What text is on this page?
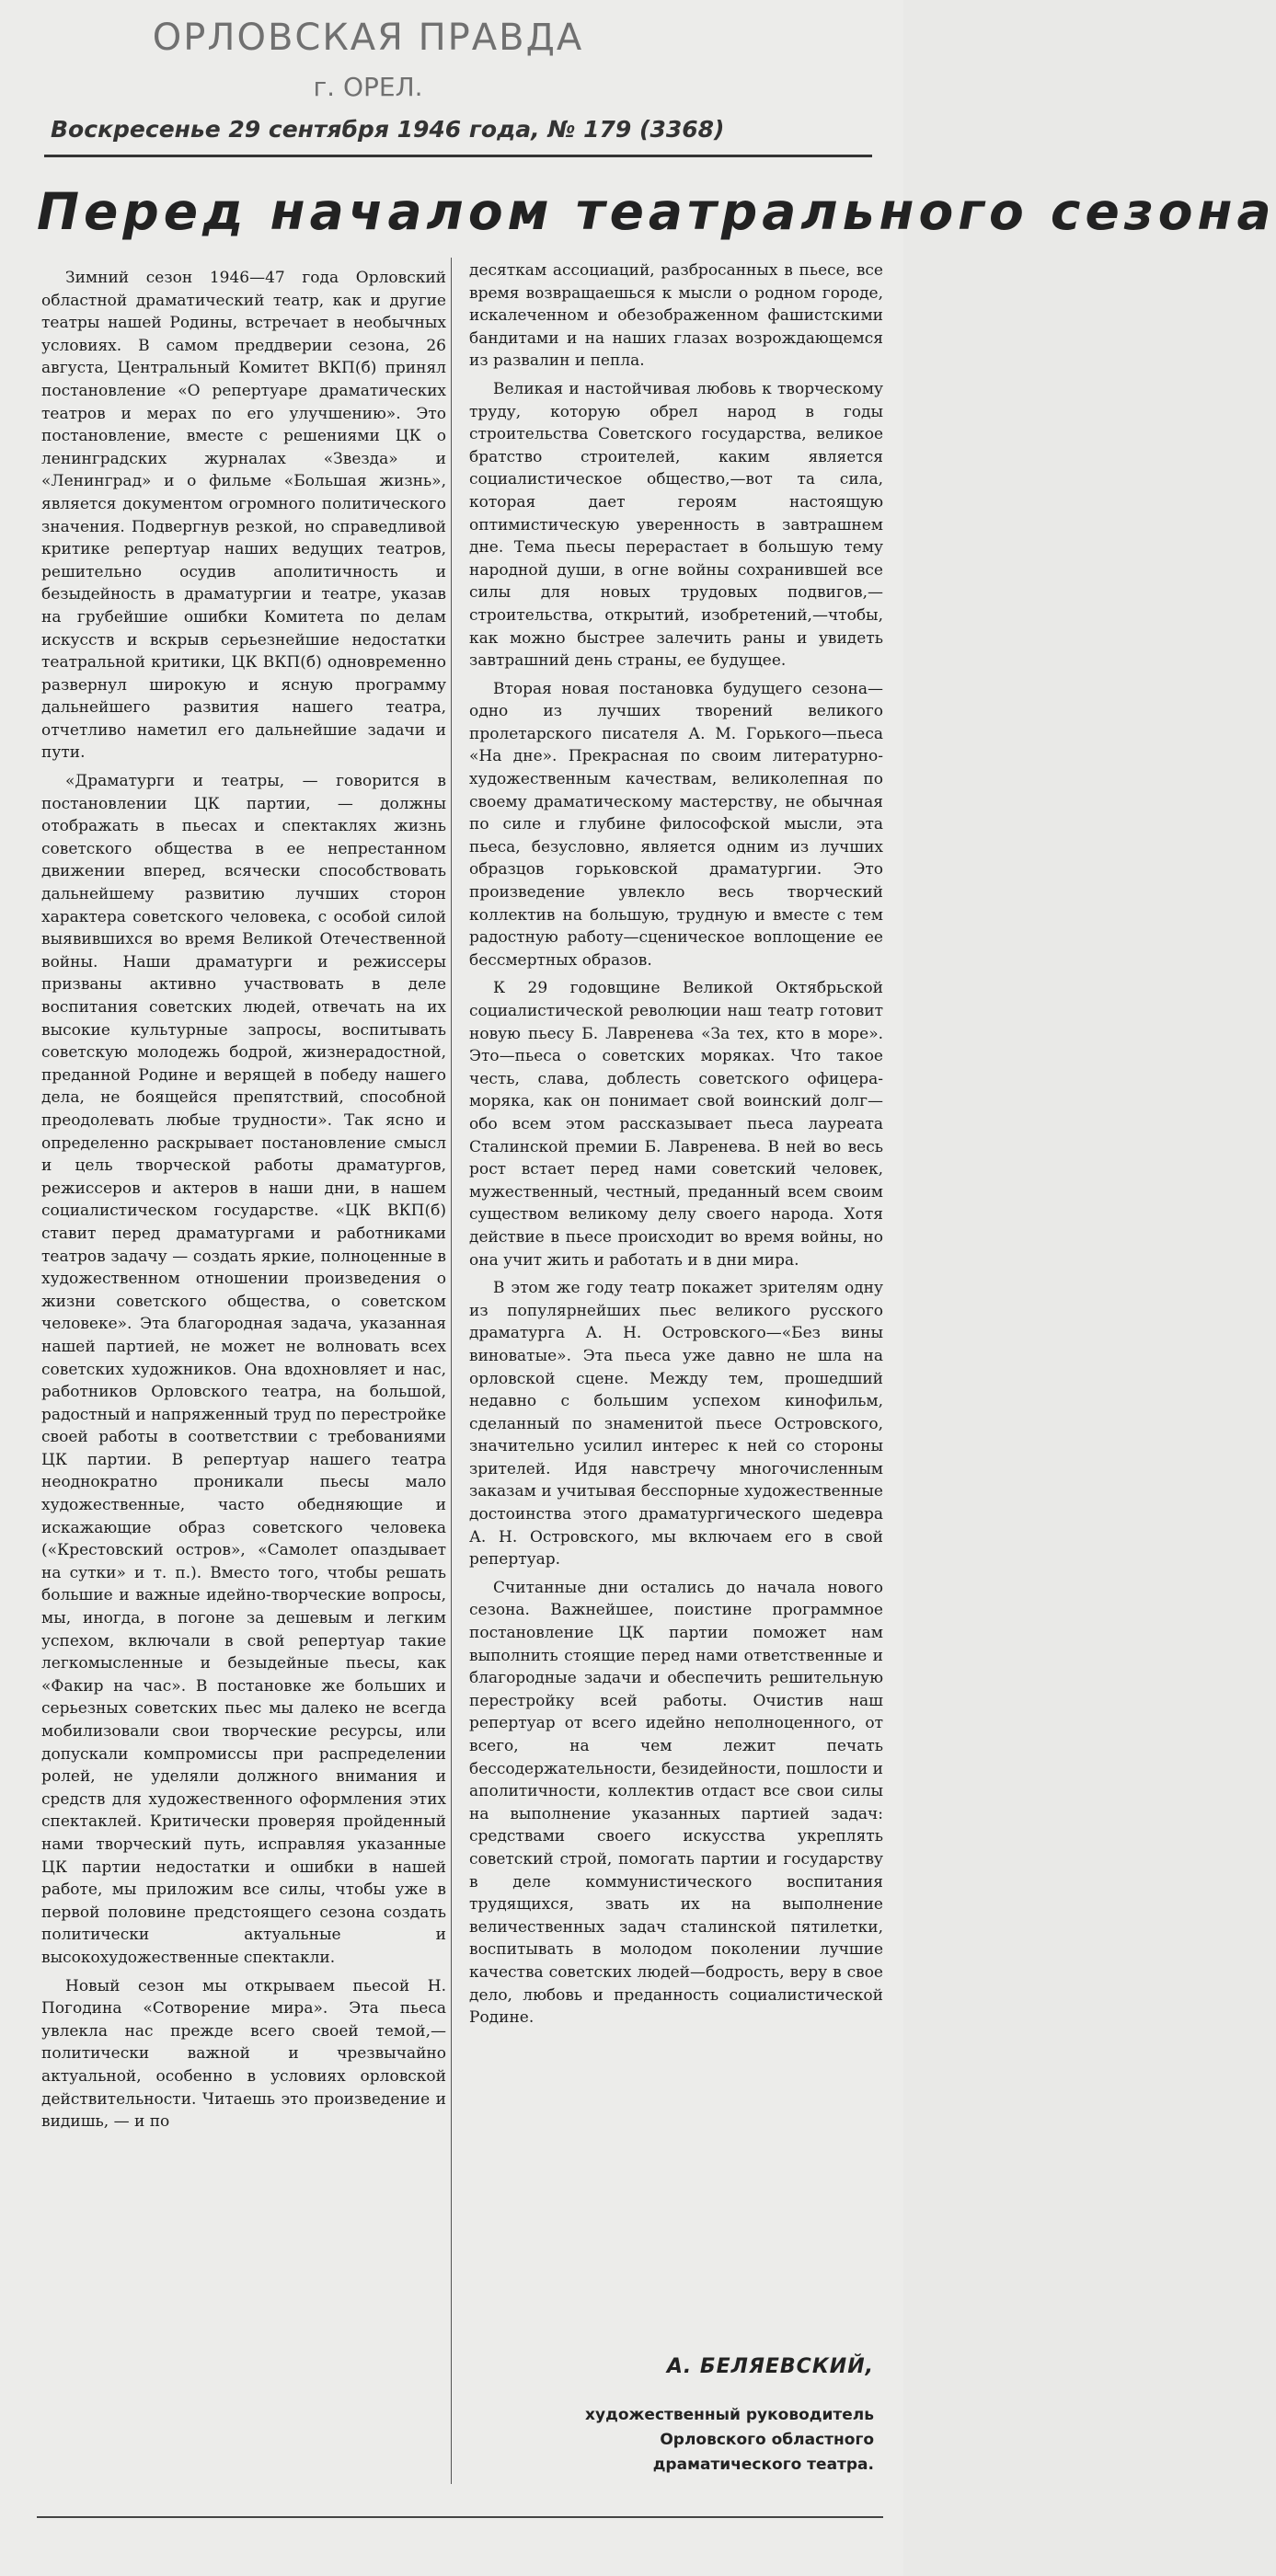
ОРЛОВСКАЯ ПРАВДА
г. ОРЕЛ.
Воскресенье 29 сентября 1946 года, № 179 (3368)
Перед началом театрального сезона

Зимний сезон 1946—47 года Орловский областной драматический театр, как и другие театры нашей Родины, встречает в необычных условиях. В самом преддверии сезона, 26 августа, Центральный Комитет ВКП(б) принял постановление «О репертуаре драматических театров и мерах по его улучшению». Это постановление, вместе с решениями ЦК о ленинградских журналах «Звезда» и «Ленинград» и о фильме «Большая жизнь», является документом огромного политического значения. Подвергнув резкой, но справедливой критике репертуар наших ведущих театров, решительно осудив аполитичность и безыдейность в драматургии и театре, указав на грубейшие ошибки Комитета по делам искусств и вскрыв серьезнейшие недостатки театральной критики, ЦК ВКП(б) одновременно развернул широкую и ясную программу дальнейшего развития нашего театра, отчетливо наметил его дальнейшие задачи и пути.

«Драматурги и театры, — говорится в постановлении ЦК партии, — должны отображать в пьесах и спектаклях жизнь советского общества в ее непрестанном движении вперед, всячески способствовать дальнейшему развитию лучших сторон характера советского человека, с особой силой выявившихся во время Великой Отечественной войны. Наши драматурги и режиссеры призваны активно участвовать в деле воспитания советских людей, отвечать на их высокие культурные запросы, воспитывать советскую молодежь бодрой, жизнерадостной, преданной Родине и верящей в победу нашего дела, не боящейся препятствий, способной преодолевать любые трудности». Так ясно и определенно раскрывает постановление смысл и цель творческой работы драматургов, режиссеров и актеров в наши дни, в нашем социалистическом государстве. «ЦК ВКП(б) ставит перед драматургами и работниками театров задачу — создать яркие, полноценные в художественном отношении произведения о жизни советского общества, о советском человеке». Эта благородная задача, указанная нашей партией, не может не волновать всех советских художников. Она вдохновляет и нас, работников Орловского театра, на большой, радостный и напряженный труд по перестройке своей работы в соответствии с требованиями ЦК партии. В репертуар нашего театра неоднократно проникали пьесы мало художественные, часто обедняющие и искажающие образ советского человека («Крестовский остров», «Самолет опаздывает на сутки» и т. п.). Вместо того, чтобы решать большие и важные идейно-творческие вопросы, мы, иногда, в погоне за дешевым и легким успехом, включали в свой репертуар такие легкомысленные и безыдейные пьесы, как «Факир на час». В постановке же больших и серьезных советских пьес мы далеко не всегда мобилизовали свои творческие ресурсы, или допускали компромиссы при распределении ролей, не уделяли должного внимания и средств для художественного оформления этих спектаклей. Критически проверяя пройденный нами творческий путь, исправляя указанные ЦК партии недостатки и ошибки в нашей работе, мы приложим все силы, чтобы уже в первой половине предстоящего сезона создать политически актуальные и высокохудожественные спектакли.

Новый сезон мы открываем пьесой Н. Погодина «Сотворение мира». Эта пьеса увлекла нас прежде всего своей темой,—политически важной и чрезвычайно актуальной, особенно в условиях орловской действительности. Читаешь это произведение и видишь, — и по

десяткам ассоциаций, разбросанных в пьесе, все время возвращаешься к мысли о родном городе, искалеченном и обезображенном фашистскими бандитами и на наших глазах возрождающемся из развалин и пепла.

Великая и настойчивая любовь к творческому труду, которую обрел народ в годы строительства Советского государства, великое братство строителей, каким является социалистическое общество,—вот та сила, которая дает героям настоящую оптимистическую уверенность в завтрашнем дне. Тема пьесы перерастает в большую тему народной души, в огне войны сохранившей все силы для новых трудовых подвигов,—строительства, открытий, изобретений,—чтобы, как можно быстрее залечить раны и увидеть завтрашний день страны, ее будущее.

Вторая новая постановка будущего сезона—одно из лучших творений великого пролетарского писателя А. М. Горького—пьеса «На дне». Прекрасная по своим литературно-художественным качествам, великолепная по своему драматическому мастерству, не обычная по силе и глубине философской мысли, эта пьеса, безусловно, является одним из лучших образцов горьковской драматургии. Это произведение увлекло весь творческий коллектив на большую, трудную и вместе с тем радостную работу—сценическое воплощение ее бессмертных образов.

К 29 годовщине Великой Октябрьской социалистической революции наш театр готовит новую пьесу Б. Лавренева «За тех, кто в море». Это—пьеса о советских моряках. Что такое честь, слава, доблесть советского офицера-моряка, как он понимает свой воинский долг—обо всем этом рассказывает пьеса лауреата Сталинской премии Б. Лавренева. В ней во весь рост встает перед нами советский человек, мужественный, честный, преданный всем своим существом великому делу своего народа. Хотя действие в пьесе происходит во время войны, но она учит жить и работать и в дни мира.

В этом же году театр покажет зрителям одну из популярнейших пьес великого русского драматурга А. Н. Островского—«Без вины виноватые». Эта пьеса уже давно не шла на орловской сцене. Между тем, прошедший недавно с большим успехом кинофильм, сделанный по знаменитой пьесе Островского, значительно усилил интерес к ней со стороны зрителей. Идя навстречу многочисленным заказам и учитывая бесспорные художественные достоинства этого драматургического шедевра А. Н. Островского, мы включаем его в свой репертуар.

Считанные дни остались до начала нового сезона. Важнейшее, поистине программное постановление ЦК партии поможет нам выполнить стоящие перед нами ответственные и благородные задачи и обеспечить решительную перестройку всей работы. Очистив наш репертуар от всего идейно неполноценного, от всего, на чем лежит печать бессодержательности, безидейности, пошлости и аполитичности, коллектив отдаст все свои силы на выполнение указанных партией задач: средствами своего искусства укреплять советский строй, помогать партии и государству в деле коммунистического воспитания трудящихся, звать их на выполнение величественных задач сталинской пятилетки, воспитывать в молодом поколении лучшие качества советских людей—бодрость, веру в свое дело, любовь и преданность социалистической Родине.

А. БЕЛЯЕВСКИЙ,
художественный руководитель Орловского областного драматического театра.
